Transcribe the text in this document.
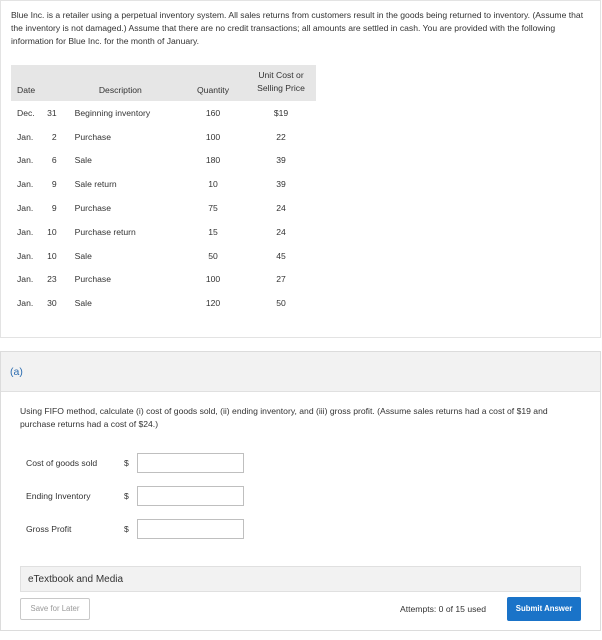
Blue Inc. is a retailer using a perpetual inventory system. All sales returns from customers result in the goods being returned to inventory. (Assume that the inventory is not damaged.) Assume that there are no credit transactions; all amounts are settled in cash. You are provided with the following information for Blue Inc. for the month of January.
Date		Description	Quantity	Unit Cost or
Selling Price
Dec.	31	Beginning inventory	160	$19
Jan.	2	Purchase	100	22
Jan.	6	Sale	180	39
Jan.	9	Sale return	10	39
Jan.	9	Purchase	75	24
Jan.	10	Purchase return	15	24
Jan.	10	Sale	50	45
Jan.	23	Purchase	100	27
Jan.	30	Sale	120	50
(a)
Using FIFO method, calculate (i) cost of goods sold, (ii) ending inventory, and (iii) gross profit. (Assume sales returns had a cost of $19 and purchase returns had a cost of $24.)
Cost of goods sold	$
Ending Inventory	$
Gross Profit	$
eTextbook and Media
Save for Later	Attempts: 0 of 15 used	Submit Answer
